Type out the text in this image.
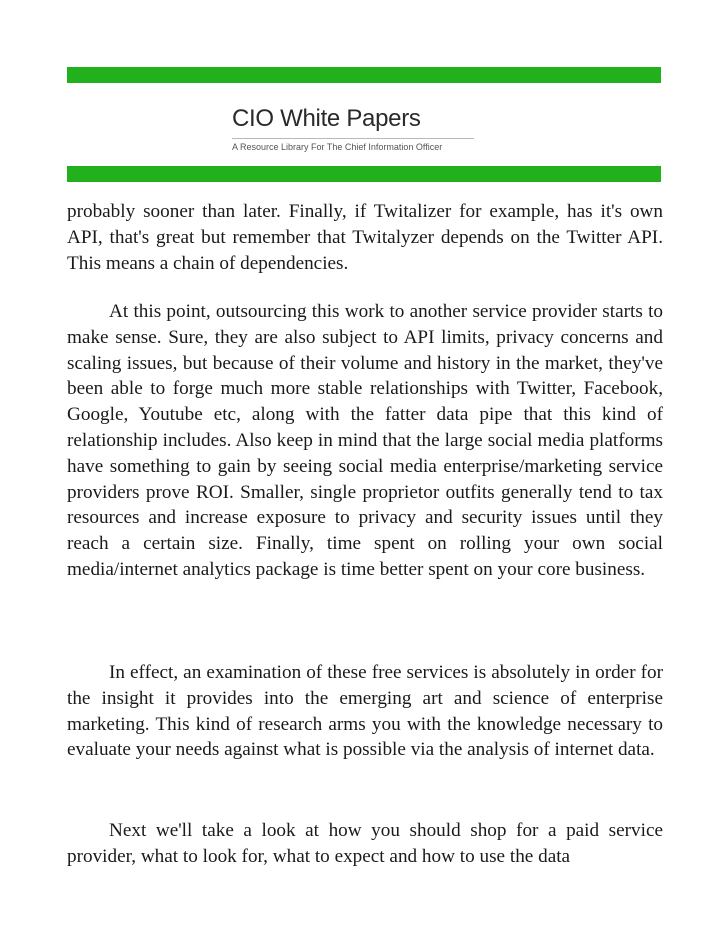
CIO White Papers
A Resource Library For The Chief Information Officer

probably sooner than later. Finally, if Twitalizer for example, has it's own API, that's great but remember that Twitalyzer depends on the Twitter API. This means a chain of dependencies.

At this point, outsourcing this work to another service provider starts to make sense. Sure, they are also subject to API limits, privacy concerns and scaling issues, but because of their volume and history in the market, they've been able to forge much more stable relationships with Twitter, Facebook, Google, Youtube etc, along with the fatter data pipe that this kind of relationship includes. Also keep in mind that the large social media platforms have something to gain by seeing social media enterprise/marketing service providers prove ROI. Smaller, single proprietor outfits generally tend to tax resources and increase exposure to privacy and security issues until they reach a certain size. Finally, time spent on rolling your own social media/internet analytics package is time better spent on your core business.

In effect, an examination of these free services is absolutely in order for the insight it provides into the emerging art and science of enterprise marketing. This kind of research arms you with the knowledge necessary to evaluate your needs against what is possible via the analysis of internet data.

Next we'll take a look at how you should shop for a paid service provider, what to look for, what to expect and how to use the data
